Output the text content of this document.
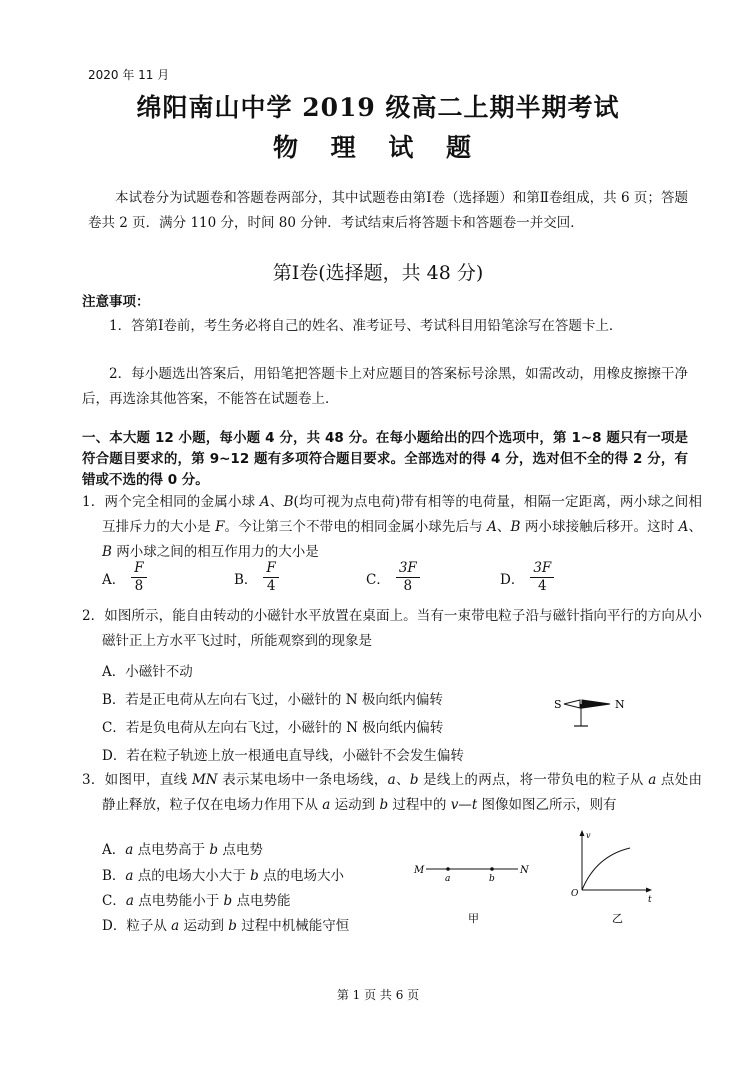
2020 年 11 月
绵阳南山中学 2019 级高二上期半期考试
物 理 试 题
本试卷分为试题卷和答题卷两部分，其中试题卷由第Ⅰ卷（选择题）和第Ⅱ卷组成，共 6 页；答题卷共 2 页．满分 110 分，时间 80 分钟．考试结束后将答题卡和答题卷一并交回．
第Ⅰ卷(选择题，共 48 分)
注意事项：
1．答第Ⅰ卷前，考生务必将自己的姓名、准考证号、考试科目用铅笔涂写在答题卡上．
2．每小题选出答案后，用铅笔把答题卡上对应题目的答案标号涂黑，如需改动，用橡皮擦擦干净后，再选涂其他答案，不能答在试题卷上．
一、本大题 12 小题，每小题 4 分，共 48 分。在每小题给出的四个选项中，第 1~8 题只有一项是符合题目要求的，第 9~12 题有多项符合题目要求。全部选对的得 4 分，选对但不全的得 2 分，有错或不选的得 0 分。
1．两个完全相同的金属小球 A、B(均可视为点电荷)带有相等的电荷量，相隔一定距离，两小球之间相互排斥力的大小是 F。今让第三个不带电的相同金属小球先后与 A、B 两小球接触后移开。这时 A、B 两小球之间的相互作用力的大小是
A． $\frac{F}{8}$	B． $\frac{F}{4}$	C． $\frac{3F}{8}$	D． $\frac{3F}{4}$
2．如图所示，能自由转动的小磁针水平放置在桌面上。当有一束带电粒子沿与磁针指向平行的方向从小磁针正上方水平飞过时，所能观察到的现象是
A．小磁针不动
B．若是正电荷从左向右飞过，小磁针的 N 极向纸内偏转
C．若是负电荷从左向右飞过，小磁针的 N 极向纸内偏转
D．若在粒子轨迹上放一根通电直导线，小磁针不会发生偏转
S	N
3．如图甲，直线 MN 表示某电场中一条电场线，a、b 是线上的两点，将一带负电的粒子从 a 点处由静止释放，粒子仅在电场力作用下从 a 运动到 b 过程中的 v—t 图像如图乙所示，则有
A．a 点电势高于 b 点电势
B．a 点的电场大小大于 b 点的电场大小
C．a 点电势能小于 b 点电势能
D．粒子从 a 运动到 b 过程中机械能守恒
M
a	b
N
甲
v
O
t
乙
第 1 页 共 6 页
